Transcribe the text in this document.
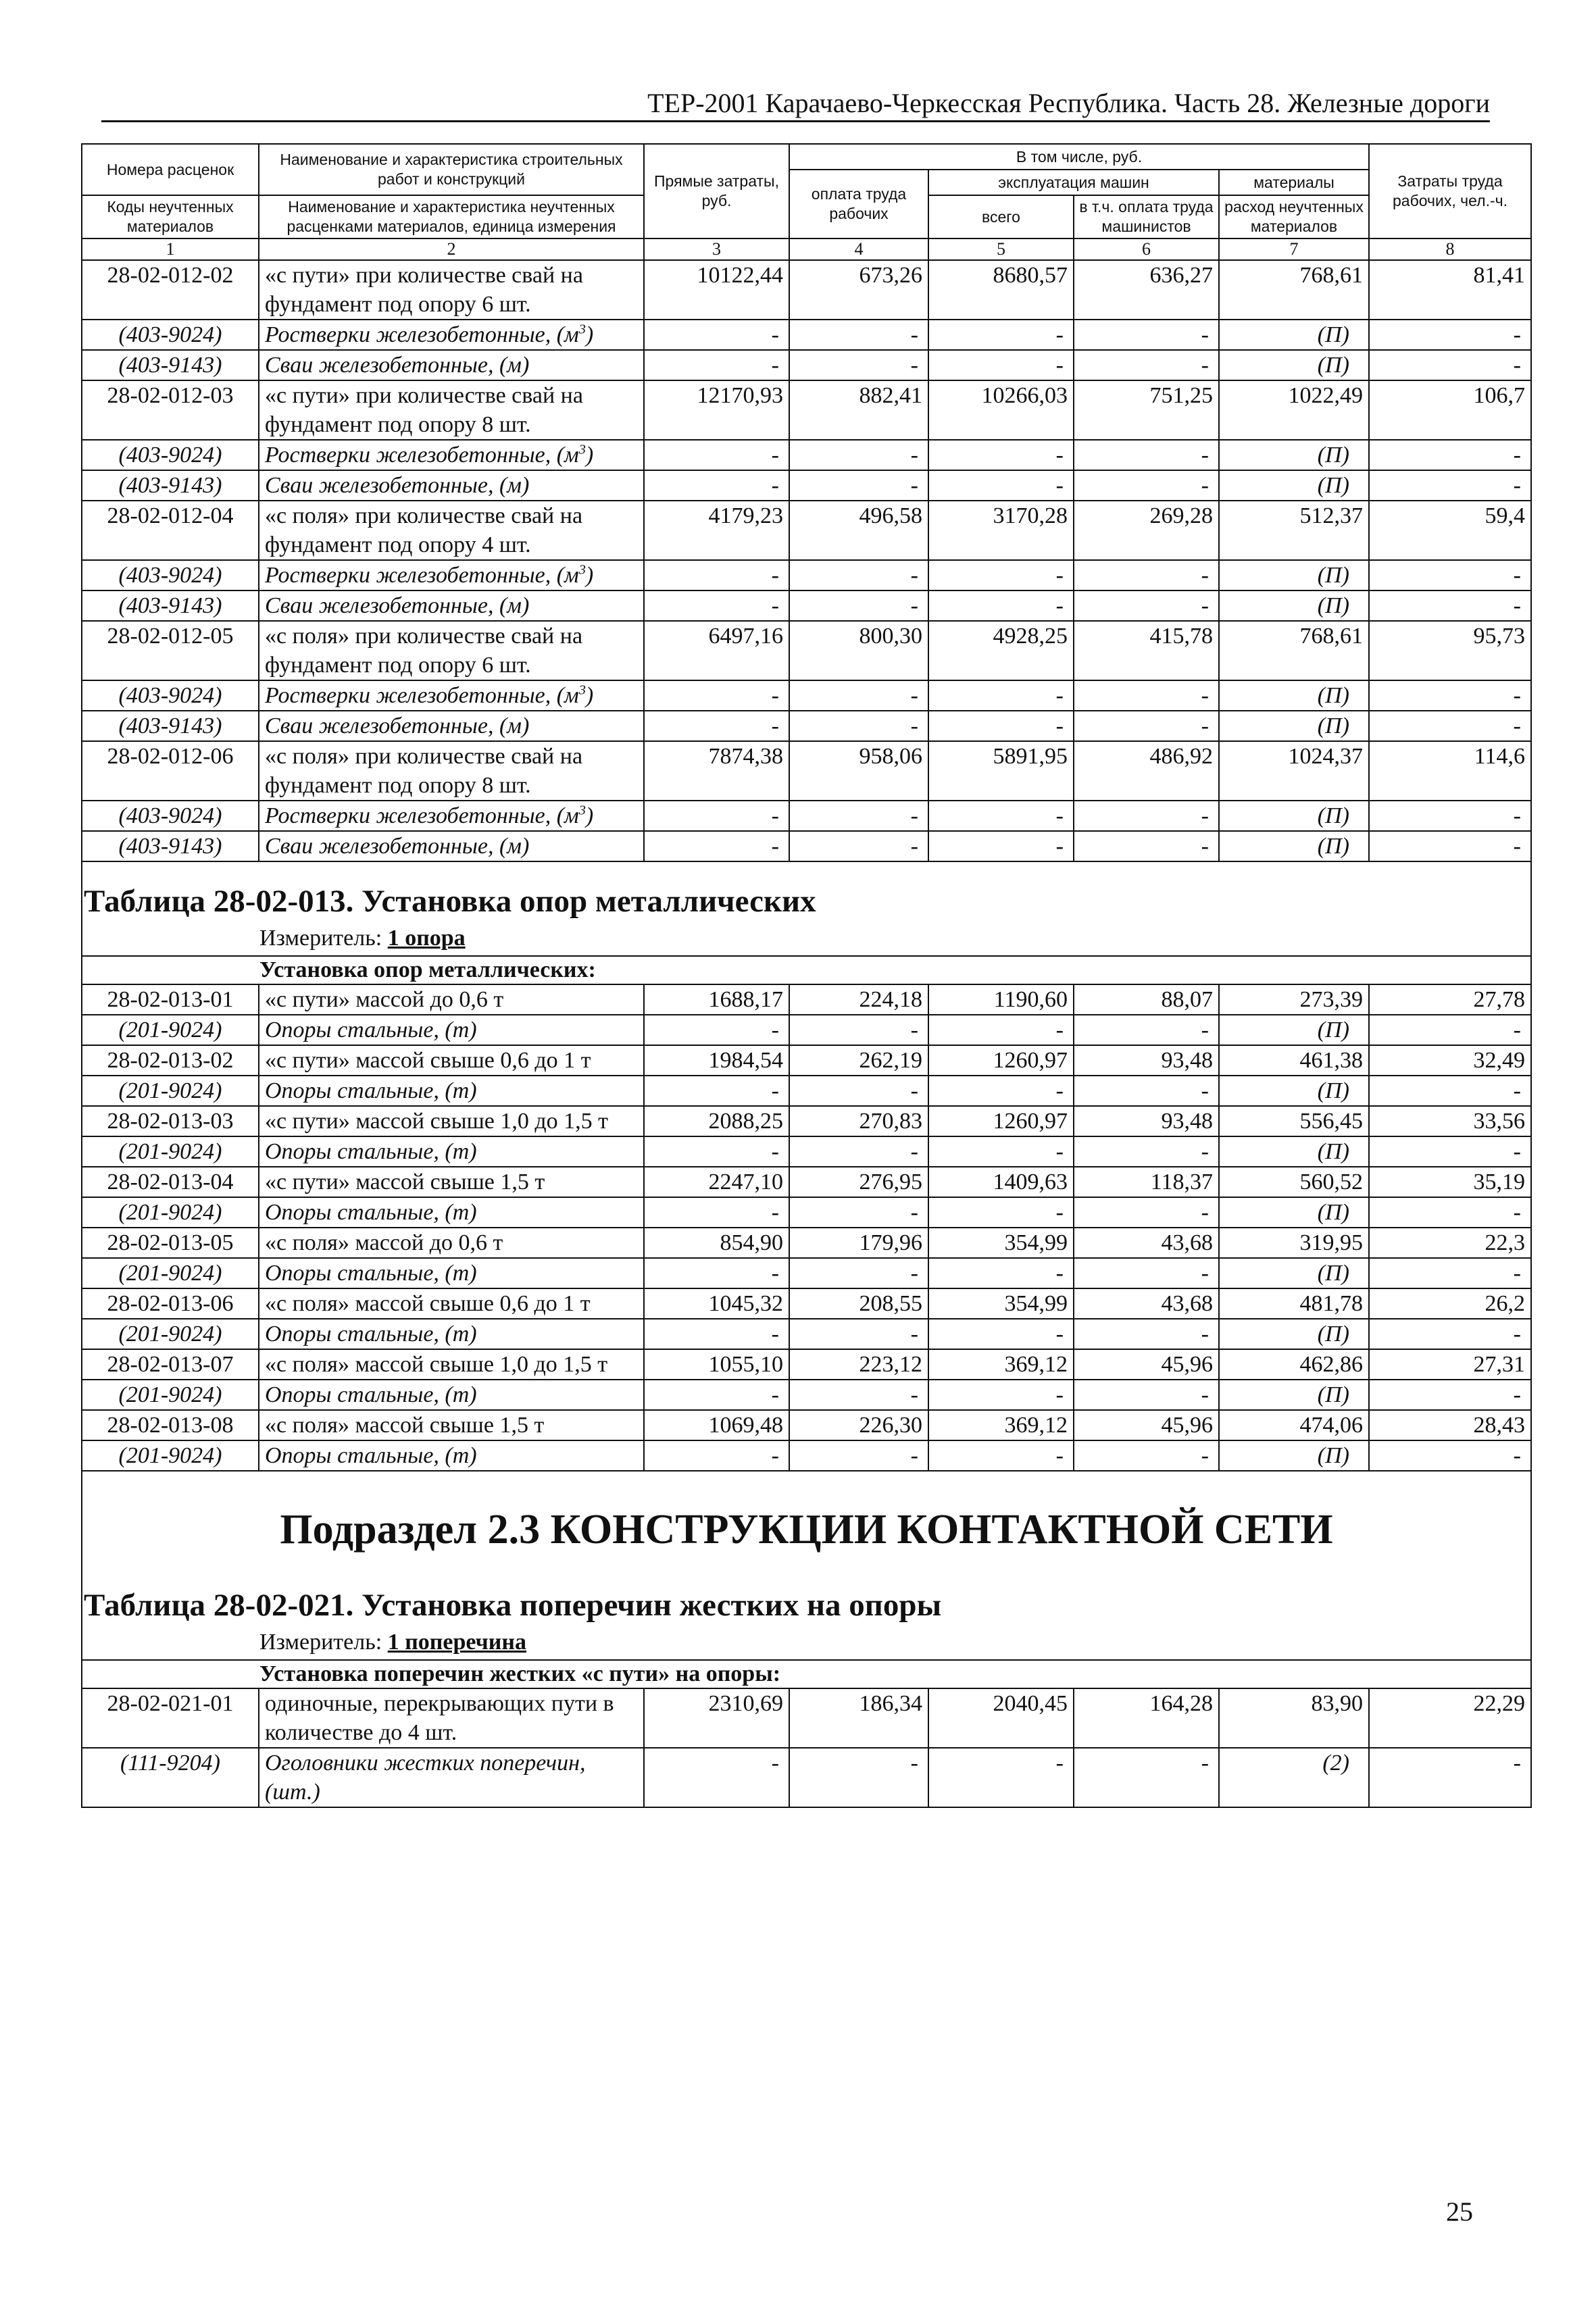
ТЕР-2001 Карачаево-Черкесская Республика. Часть 28. Железные дороги
Номера расценок	Наименование и характеристика строительных работ и конструкций	Прямые затраты, руб.	В том числе, руб.				Затраты труда рабочих, чел.-ч.
			оплата труда рабочих	эксплуатация машин		материалы	
Коды неучтенных материалов	Наименование и характеристика неучтенных расценками материалов, единица измерения			всего	в т.ч. оплата труда машинистов	расход неучтенных материалов	

1	2	3	4	5	6	7	8
28-02-012-02	«с пути» при количестве свай на фундамент под опору 6 шт.	10122,44	673,26	8680,57	636,27	768,61	81,41
(403-9024)	Ростверки железобетонные, $(м^3)$	-	-	-	-	(П)	-
(403-9143)	Сваи железобетонные, (м)	-	-	-	-	(П)	-
28-02-012-03	«с пути» при количестве свай на фундамент под опору 8 шт.	12170,93	882,41	10266,03	751,25	1022,49	106,7
(403-9024)	Ростверки железобетонные, $(м^3)$	-	-	-	-	(П)	-
(403-9143)	Сваи железобетонные, (м)	-	-	-	-	(П)	-
28-02-012-04	«с поля» при количестве свай на фундамент под опору 4 шт.	4179,23	496,58	3170,28	269,28	512,37	59,4
(403-9024)	Ростверки железобетонные, $(м^3)$	-	-	-	-	(П)	-
(403-9143)	Сваи железобетонные, (м)	-	-	-	-	(П)	-
28-02-012-05	«с поля» при количестве свай на фундамент под опору 6 шт.	6497,16	800,30	4928,25	415,78	768,61	95,73
(403-9024)	Ростверки железобетонные, $(м^3)$	-	-	-	-	(П)	-
(403-9143)	Сваи железобетонные, (м)	-	-	-	-	(П)	-
28-02-012-06	«с поля» при количестве свай на фундамент под опору 8 шт.	7874,38	958,06	5891,95	486,92	1024,37	114,6
(403-9024)	Ростверки железобетонные, $(м^3)$	-	-	-	-	(П)	-
(403-9143)	Сваи железобетонные, (м)	-	-	-	-	(П)	-

Таблица 28-02-013. Установка опор металлических
Измеритель: 1 опора							

Установка опор металлических:							
28-02-013-01	«с пути» массой до 0,6 т	1688,17	224,18	1190,60	88,07	273,39	27,78
(201-9024)	Опоры стальные, (т)	-	-	-	-	(П)	-
28-02-013-02	«с пути» массой свыше 0,6 до 1 т	1984,54	262,19	1260,97	93,48	461,38	32,49
(201-9024)	Опоры стальные, (т)	-	-	-	-	(П)	-
28-02-013-03	«с пути» массой свыше 1,0 до 1,5 т	2088,25	270,83	1260,97	93,48	556,45	33,56
(201-9024)	Опоры стальные, (т)	-	-	-	-	(П)	-
28-02-013-04	«с пути» массой свыше 1,5 т	2247,10	276,95	1409,63	118,37	560,52	35,19
(201-9024)	Опоры стальные, (т)	-	-	-	-	(П)	-
28-02-013-05	«с поля» массой до 0,6 т	854,90	179,96	354,99	43,68	319,95	22,3
(201-9024)	Опоры стальные, (т)	-	-	-	-	(П)	-
28-02-013-06	«с поля» массой свыше 0,6 до 1 т	1045,32	208,55	354,99	43,68	481,78	26,2
(201-9024)	Опоры стальные, (т)	-	-	-	-	(П)	-
28-02-013-07	«с поля» массой свыше 1,0 до 1,5 т	1055,10	223,12	369,12	45,96	462,86	27,31
(201-9024)	Опоры стальные, (т)	-	-	-	-	(П)	-
28-02-013-08	«с поля» массой свыше 1,5 т	1069,48	226,30	369,12	45,96	474,06	28,43
(201-9024)	Опоры стальные, (т)	-	-	-	-	(П)	-

Подраздел 2.3 КОНСТРУКЦИИ КОНТАКТНОЙ СЕТИ
Таблица 28-02-021. Установка поперечин жестких на опоры
Измеритель: 1 поперечина							

Установка поперечин жестких «с пути» на опоры:							
28-02-021-01	одиночные, перекрывающих пути в количестве до 4 шт.	2310,69	186,34	2040,45	164,28	83,90	22,29
(111-9204)	Оголовники жестких поперечин, (шт.)	-	-	-	-	(2)	-
25
